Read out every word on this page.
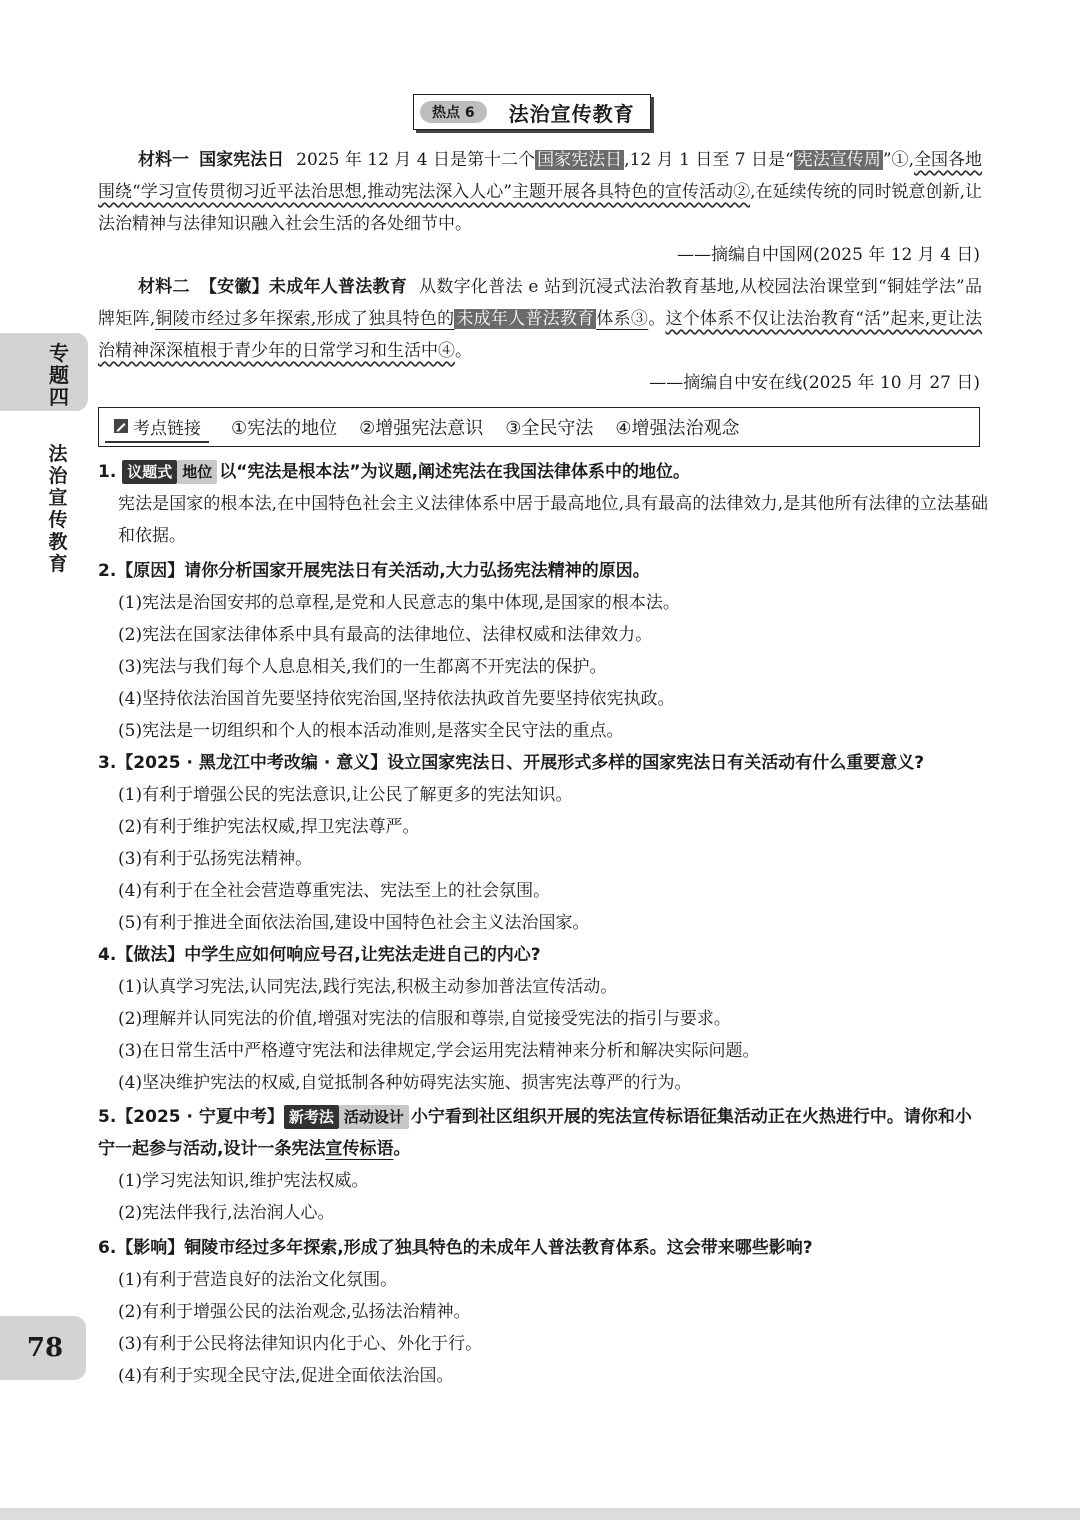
热点 6	法治宣传教育
专题四
法治宣传教育
78
材料一 国家宪法日 2025 年 12 月 4 日是第十二个 国家宪法日 ,12 月 1 日至 7 日是“ 宪法宣传周 ”①,全国各地围绕“学习宣传贯彻习近平法治思想,推动宪法深入人心”主题开展各具特色的宣传活动②,在延续传统的同时锐意创新,让法治精神与法律知识融入社会生活的各处细节中。
——摘编自中国网(2025 年 12 月 4 日)
材料二 【安徽】未成年人普法教育 从数字化普法 e 站到沉浸式法治教育基地,从校园法治课堂到“铜娃学法”品牌矩阵,铜陵市经过多年探索,形成了独具特色的 未成年人普法教育 体系③。这个体系不仅让法治教育“活”起来,更让法治精神深深植根于青少年的日常学习和生活中④。
——摘编自中安在线(2025 年 10 月 27 日)
考点链接 ①宪法的地位 ②增强宪法意识 ③全民守法 ④增强法治观念
1. 议题式 地位 以“宪法是根本法”为议题,阐述宪法在我国法律体系中的地位。
宪法是国家的根本法,在中国特色社会主义法律体系中居于最高地位,具有最高的法律效力,是其他所有法律的立法基础和依据。
2.【原因】请你分析国家开展宪法日有关活动,大力弘扬宪法精神的原因。
(1)宪法是治国安邦的总章程,是党和人民意志的集中体现,是国家的根本法。
(2)宪法在国家法律体系中具有最高的法律地位、法律权威和法律效力。
(3)宪法与我们每个人息息相关,我们的一生都离不开宪法的保护。
(4)坚持依法治国首先要坚持依宪治国,坚持依法执政首先要坚持依宪执政。
(5)宪法是一切组织和个人的根本活动准则,是落实全民守法的重点。
3.【2025 · 黑龙江中考改编 · 意义】设立国家宪法日、开展形式多样的国家宪法日有关活动有什么重要意义?
(1)有利于增强公民的宪法意识,让公民了解更多的宪法知识。
(2)有利于维护宪法权威,捍卫宪法尊严。
(3)有利于弘扬宪法精神。
(4)有利于在全社会营造尊重宪法、宪法至上的社会氛围。
(5)有利于推进全面依法治国,建设中国特色社会主义法治国家。
4.【做法】中学生应如何响应号召,让宪法走进自己的内心?
(1)认真学习宪法,认同宪法,践行宪法,积极主动参加普法宣传活动。
(2)理解并认同宪法的价值,增强对宪法的信服和尊崇,自觉接受宪法的指引与要求。
(3)在日常生活中严格遵守宪法和法律规定,学会运用宪法精神来分析和解决实际问题。
(4)坚决维护宪法的权威,自觉抵制各种妨碍宪法实施、损害宪法尊严的行为。
5.【2025 · 宁夏中考】 新考法 活动设计 小宁看到社区组织开展的宪法宣传标语征集活动正在火热进行中。请你和小宁一起参与活动,设计一条宪法宣传标语。
(1)学习宪法知识,维护宪法权威。
(2)宪法伴我行,法治润人心。
6.【影响】铜陵市经过多年探索,形成了独具特色的未成年人普法教育体系。这会带来哪些影响?
(1)有利于营造良好的法治文化氛围。
(2)有利于增强公民的法治观念,弘扬法治精神。
(3)有利于公民将法律知识内化于心、外化于行。
(4)有利于实现全民守法,促进全面依法治国。
